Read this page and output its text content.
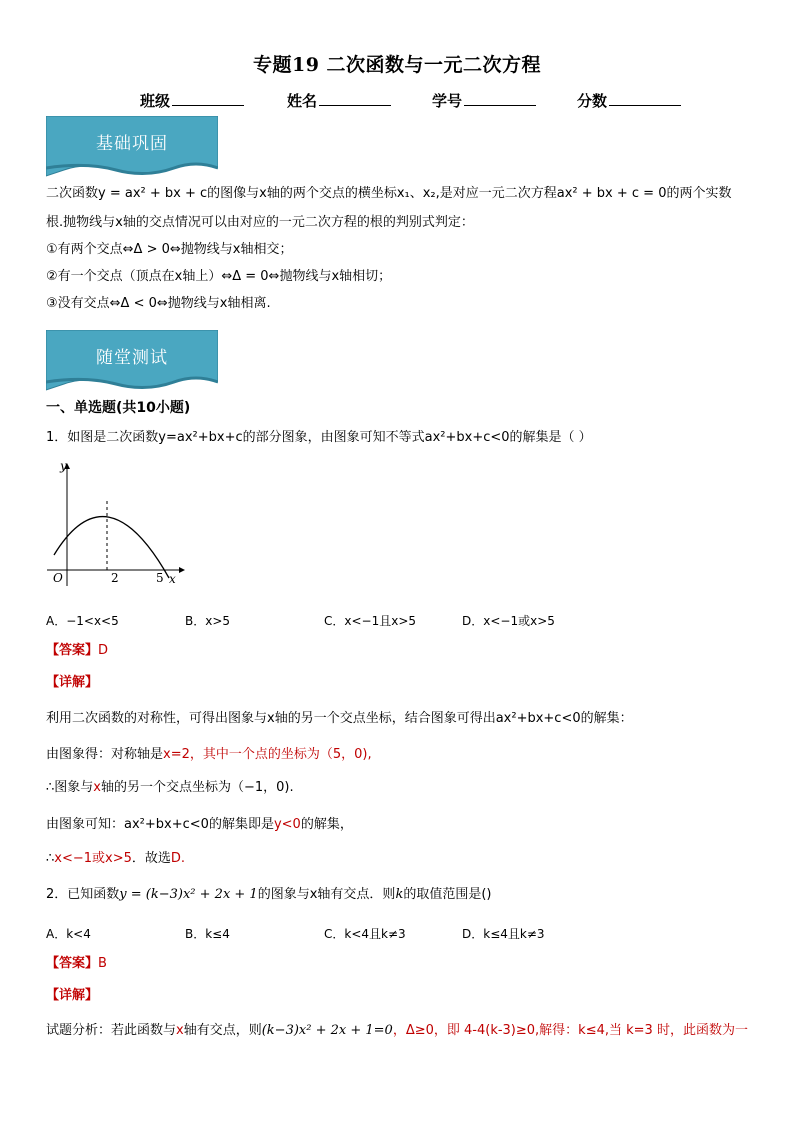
专题19 二次函数与一元二次方程
班级	姓名	学号	分数
基础巩固
二次函数y = ax² + bx + c的图像与x轴的两个交点的横坐标x₁、x₂,是对应一元二次方程ax² + bx + c = 0的两个实数
根.抛物线与x轴的交点情况可以由对应的一元二次方程的根的判别式判定：
①有两个交点⇔Δ > 0⇔抛物线与x轴相交；
②有一个交点（顶点在x轴上）⇔Δ = 0⇔抛物线与x轴相切；
③没有交点⇔Δ < 0⇔抛物线与x轴相离.
随堂测试
一、单选题(共10小题)
1．如图是二次函数y=ax²+bx+c的部分图象，由图象可知不等式ax²+bx+c<0的解集是（ ）
y
x
O	2	5
A．−1<x<5	B．x>5	C．x<−1且x>5	D．x<−1或x>5
【答案】D
【详解】
利用二次函数的对称性，可得出图象与x轴的另一个交点坐标，结合图象可得出ax²+bx+c<0的解集：
由图象得：对称轴是x=2，其中一个点的坐标为（5，0),
∴图象与x轴的另一个交点坐标为（−1，0).
由图象可知：ax²+bx+c<0的解集即是y<0的解集，
∴x<−1或x>5．故选D.
2．已知函数y = (k−3)x² + 2x + 1的图象与x轴有交点．则k的取值范围是()
A．k<4	B．k≤4	C．k<4且k≠3	D．k≤4且k≠3
【答案】B
【详解】
试题分析：若此函数与x轴有交点，则(k−3)x² + 2x + 1=0，Δ≥0，即 4-4(k-3)≥0,解得：k≤4,当 k=3 时，此函数为一
